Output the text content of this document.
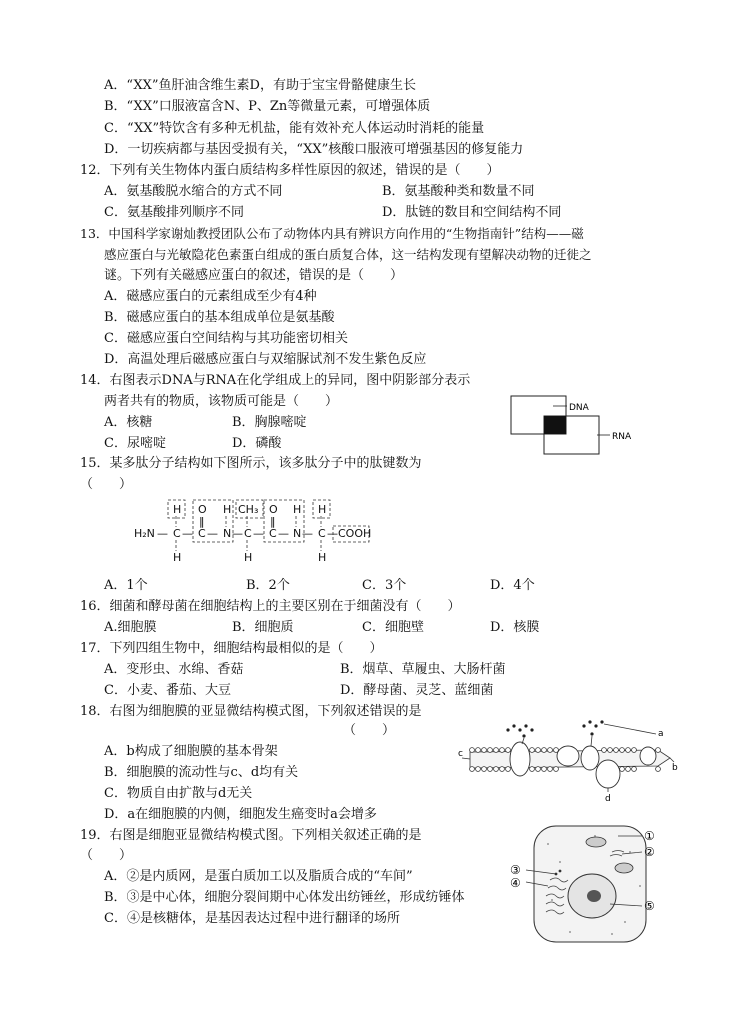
A．“XX”鱼肝油含维生素D，有助于宝宝骨骼健康生长
B．“XX”口服液富含N、P、Zn等微量元素，可增强体质
C．“XX”特饮含有多种无机盐，能有效补充人体运动时消耗的能量
D．一切疾病都与基因受损有关，“XX”核酸口服液可增强基因的修复能力
12．下列有关生物体内蛋白质结构多样性原因的叙述，错误的是（　　）
A．氨基酸脱水缩合的方式不同	B．氨基酸种类和数量不同
C．氨基酸排列顺序不同	D．肽链的数目和空间结构不同
13．中国科学家谢灿教授团队公布了动物体内具有辨识方向作用的“生物指南针”结构——磁
感应蛋白与光敏隐花色素蛋白组成的蛋白质复合体，这一结构发现有望解决动物的迁徙之
谜。下列有关磁感应蛋白的叙述，错误的是（　　）
A．磁感应蛋白的元素组成至少有4种
B．磁感应蛋白的基本组成单位是氨基酸
C．磁感应蛋白空间结构与其功能密切相关
D．高温处理后磁感应蛋白与双缩脲试剂不发生紫色反应
14．右图表示DNA与RNA在化学组成上的异同，图中阴影部分表示
两者共有的物质，该物质可能是（　　）
A．核糖	B．胸腺嘧啶
C．尿嘧啶	D．磷酸
DNA
RNA
15．某多肽分子结构如下图所示，该多肽分子中的肽键数为
（　　）
H₂N — C
H
H
— C
O
‖
— N
H
— C
CH₃
H
— C
O
‖
— N
H
— C
H
H
— COOH
A．1个	B．2个	C．3个	D．4个
16．细菌和酵母菌在细胞结构上的主要区别在于细菌没有（　　）
A.细胞膜	B．细胞质	C．细胞壁	D．核膜
17．下列四组生物中，细胞结构最相似的是（　　）
A．变形虫、水绵、香菇	B．烟草、草履虫、大肠杆菌
C．小麦、番茄、大豆	D．酵母菌、灵芝、蓝细菌
18．右图为细胞膜的亚显微结构模式图，下列叙述错误的是
（　　）
A．b构成了细胞膜的基本骨架
B．细胞膜的流动性与c、d均有关
C．物质自由扩散与d无关
D．a在细胞膜的内侧，细胞发生癌变时a会增多
a
b
c
d
19．右图是细胞亚显微结构模式图。下列相关叙述正确的是
（　　）
A．②是内质网，是蛋白质加工以及脂质合成的“车间”
B．③是中心体，细胞分裂间期中心体发出纺锤丝，形成纺锤体
C．④是核糖体，是基因表达过程中进行翻译的场所
①
②
③
④
⑤
